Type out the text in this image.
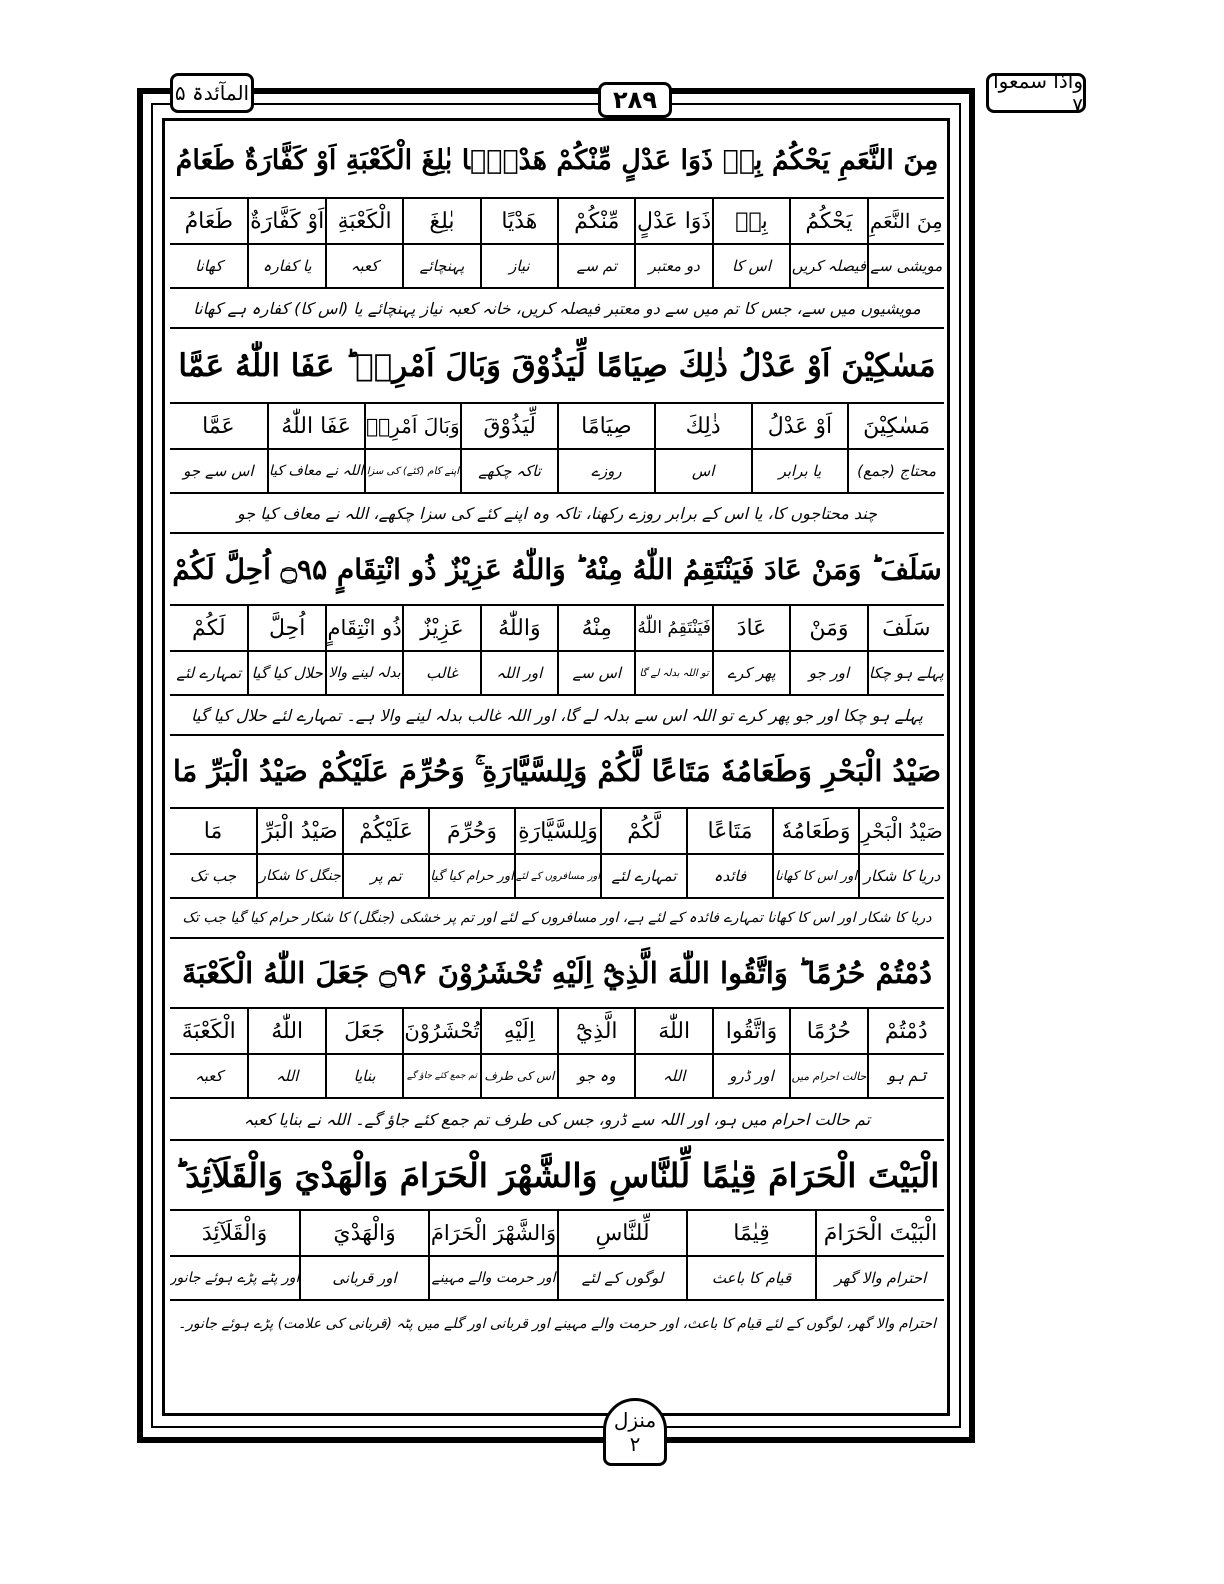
المآئدۃ ۵	۲۸۹
واذا سمعوا ۷
مِنَ النَّعَمِ يَحْكُمُ بِهٖ ذَوَا عَدْلٍ مِّنْكُمْ هَدْيًۢا بٰلِغَ الْكَعْبَةِ اَوْ كَفَّارَةٌ طَعَامُ
مِنَ النَّعَمِ
يَحْكُمُ
بِهٖ
ذَوَا عَدْلٍ
مِّنْكُمْ
هَدْيًا
بٰلِغَ
الْكَعْبَةِ
اَوْ كَفَّارَةٌ
طَعَامُ
مویشی سے
فیصلہ کریں
اس کا
دو معتبر
تم سے
نیاز
پہنچائے
کعبہ
یا کفارہ
کھانا
مویشیوں میں سے، جس کا تم میں سے دو معتبر فیصلہ کریں، خانہ کعبہ نیاز پہنچائے یا (اس کا) کفارہ ہے کھانا
مَسٰكِيْنَ اَوْ عَدْلُ ذٰلِكَ صِيَامًا لِّيَذُوْقَ وَبَالَ اَمْرِهٖ ؕ عَفَا اللّٰهُ عَمَّا
مَسٰكِيْنَ
اَوْ عَدْلُ
ذٰلِكَ
صِيَامًا
لِّيَذُوْقَ
وَبَالَ اَمْرِهٖ
عَفَا اللّٰهُ
عَمَّا
محتاج (جمع)
یا برابر
اس
روزے
تاکہ چکھے
اپنے کام (کئے) کی سزا
اللہ نے معاف کیا
اس سے جو
چند محتاجوں کا، یا اس کے برابر روزے رکھنا، تاکہ وہ اپنے کئے کی سزا چکھے، اللہ نے معاف کیا جو
سَلَفَ ؕ وَمَنْ عَادَ فَيَنْتَقِمُ اللّٰهُ مِنْهُ ؕ وَاللّٰهُ عَزِيْزٌ ذُو انْتِقَامٍ ۝۹۵ اُحِلَّ لَكُمْ
سَلَفَ
وَمَنْ
عَادَ
فَيَنْتَقِمُ اللّٰهُ
مِنْهُ
وَاللّٰهُ
عَزِيْزٌ
ذُو انْتِقَامٍ
اُحِلَّ
لَكُمْ
پہلے ہو چکا
اور جو
پھر کرے
تو اللہ بدلہ لے گا
اس سے
اور اللہ
غالب
بدلہ لینے والا
حلال کیا گیا
تمہارے لئے
پہلے ہو چکا اور جو پھر کرے تو اللہ اس سے بدلہ لے گا، اور اللہ غالب بدلہ لینے والا ہے۔ تمہارے لئے حلال کیا گیا
صَيْدُ الْبَحْرِ وَطَعَامُهٗ مَتَاعًا لَّكُمْ وَلِلسَّيَّارَةِ ۚ وَحُرِّمَ عَلَيْكُمْ صَيْدُ الْبَرِّ مَا
صَيْدُ الْبَحْرِ
وَطَعَامُهٗ
مَتَاعًا
لَّكُمْ
وَلِلسَّيَّارَةِ
وَحُرِّمَ
عَلَيْكُمْ
صَيْدُ الْبَرِّ
مَا
دریا کا شکار
اور اس کا کھانا
فائدہ
تمہارے لئے
اور مسافروں کے لئے
اور حرام کیا گیا
تم پر
جنگل کا شکار
جب تک
دریا کا شکار اور اس کا کھانا تمہارے فائدہ کے لئے ہے، اور مسافروں کے لئے اور تم پر خشکی (جنگل) کا شکار حرام کیا گیا جب تک
دُمْتُمْ حُرُمًا ؕ وَاتَّقُوا اللّٰهَ الَّذِيْٓ اِلَيْهِ تُحْشَرُوْنَ ۝۹۶ جَعَلَ اللّٰهُ الْكَعْبَةَ
دُمْتُمْ
حُرُمًا
وَاتَّقُوا
اللّٰهَ
الَّذِيْٓ
اِلَيْهِ
تُحْشَرُوْنَ
جَعَلَ
اللّٰهُ
الْكَعْبَةَ
تم ہو
حالت احرام میں
اور ڈرو
اللہ
وہ جو
اس کی طرف
تم جمع کئے جاؤ گے
بنایا
اللہ
کعبہ
تم حالت احرام میں ہو، اور اللہ سے ڈرو، جس کی طرف تم جمع کئے جاؤ گے۔ اللہ نے بنایا کعبہ
الْبَيْتَ الْحَرَامَ قِيٰمًا لِّلنَّاسِ وَالشَّهْرَ الْحَرَامَ وَالْهَدْيَ وَالْقَلَآئِدَ ؕ
الْبَيْتَ الْحَرَامَ
قِيٰمًا
لِّلنَّاسِ
وَالشَّهْرَ الْحَرَامَ
وَالْهَدْيَ
وَالْقَلَآئِدَ
احترام والا گھر
قیام کا باعث
لوگوں کے لئے
اور حرمت والے مہینے
اور قربانی
اور پٹے پڑے ہوئے جانور
احترام والا گھر، لوگوں کے لئے قیام کا باعث، اور حرمت والے مہینے اور قربانی اور گلے میں پٹہ (قربانی کی علامت) پڑے ہوئے جانور۔
منزل
۲
